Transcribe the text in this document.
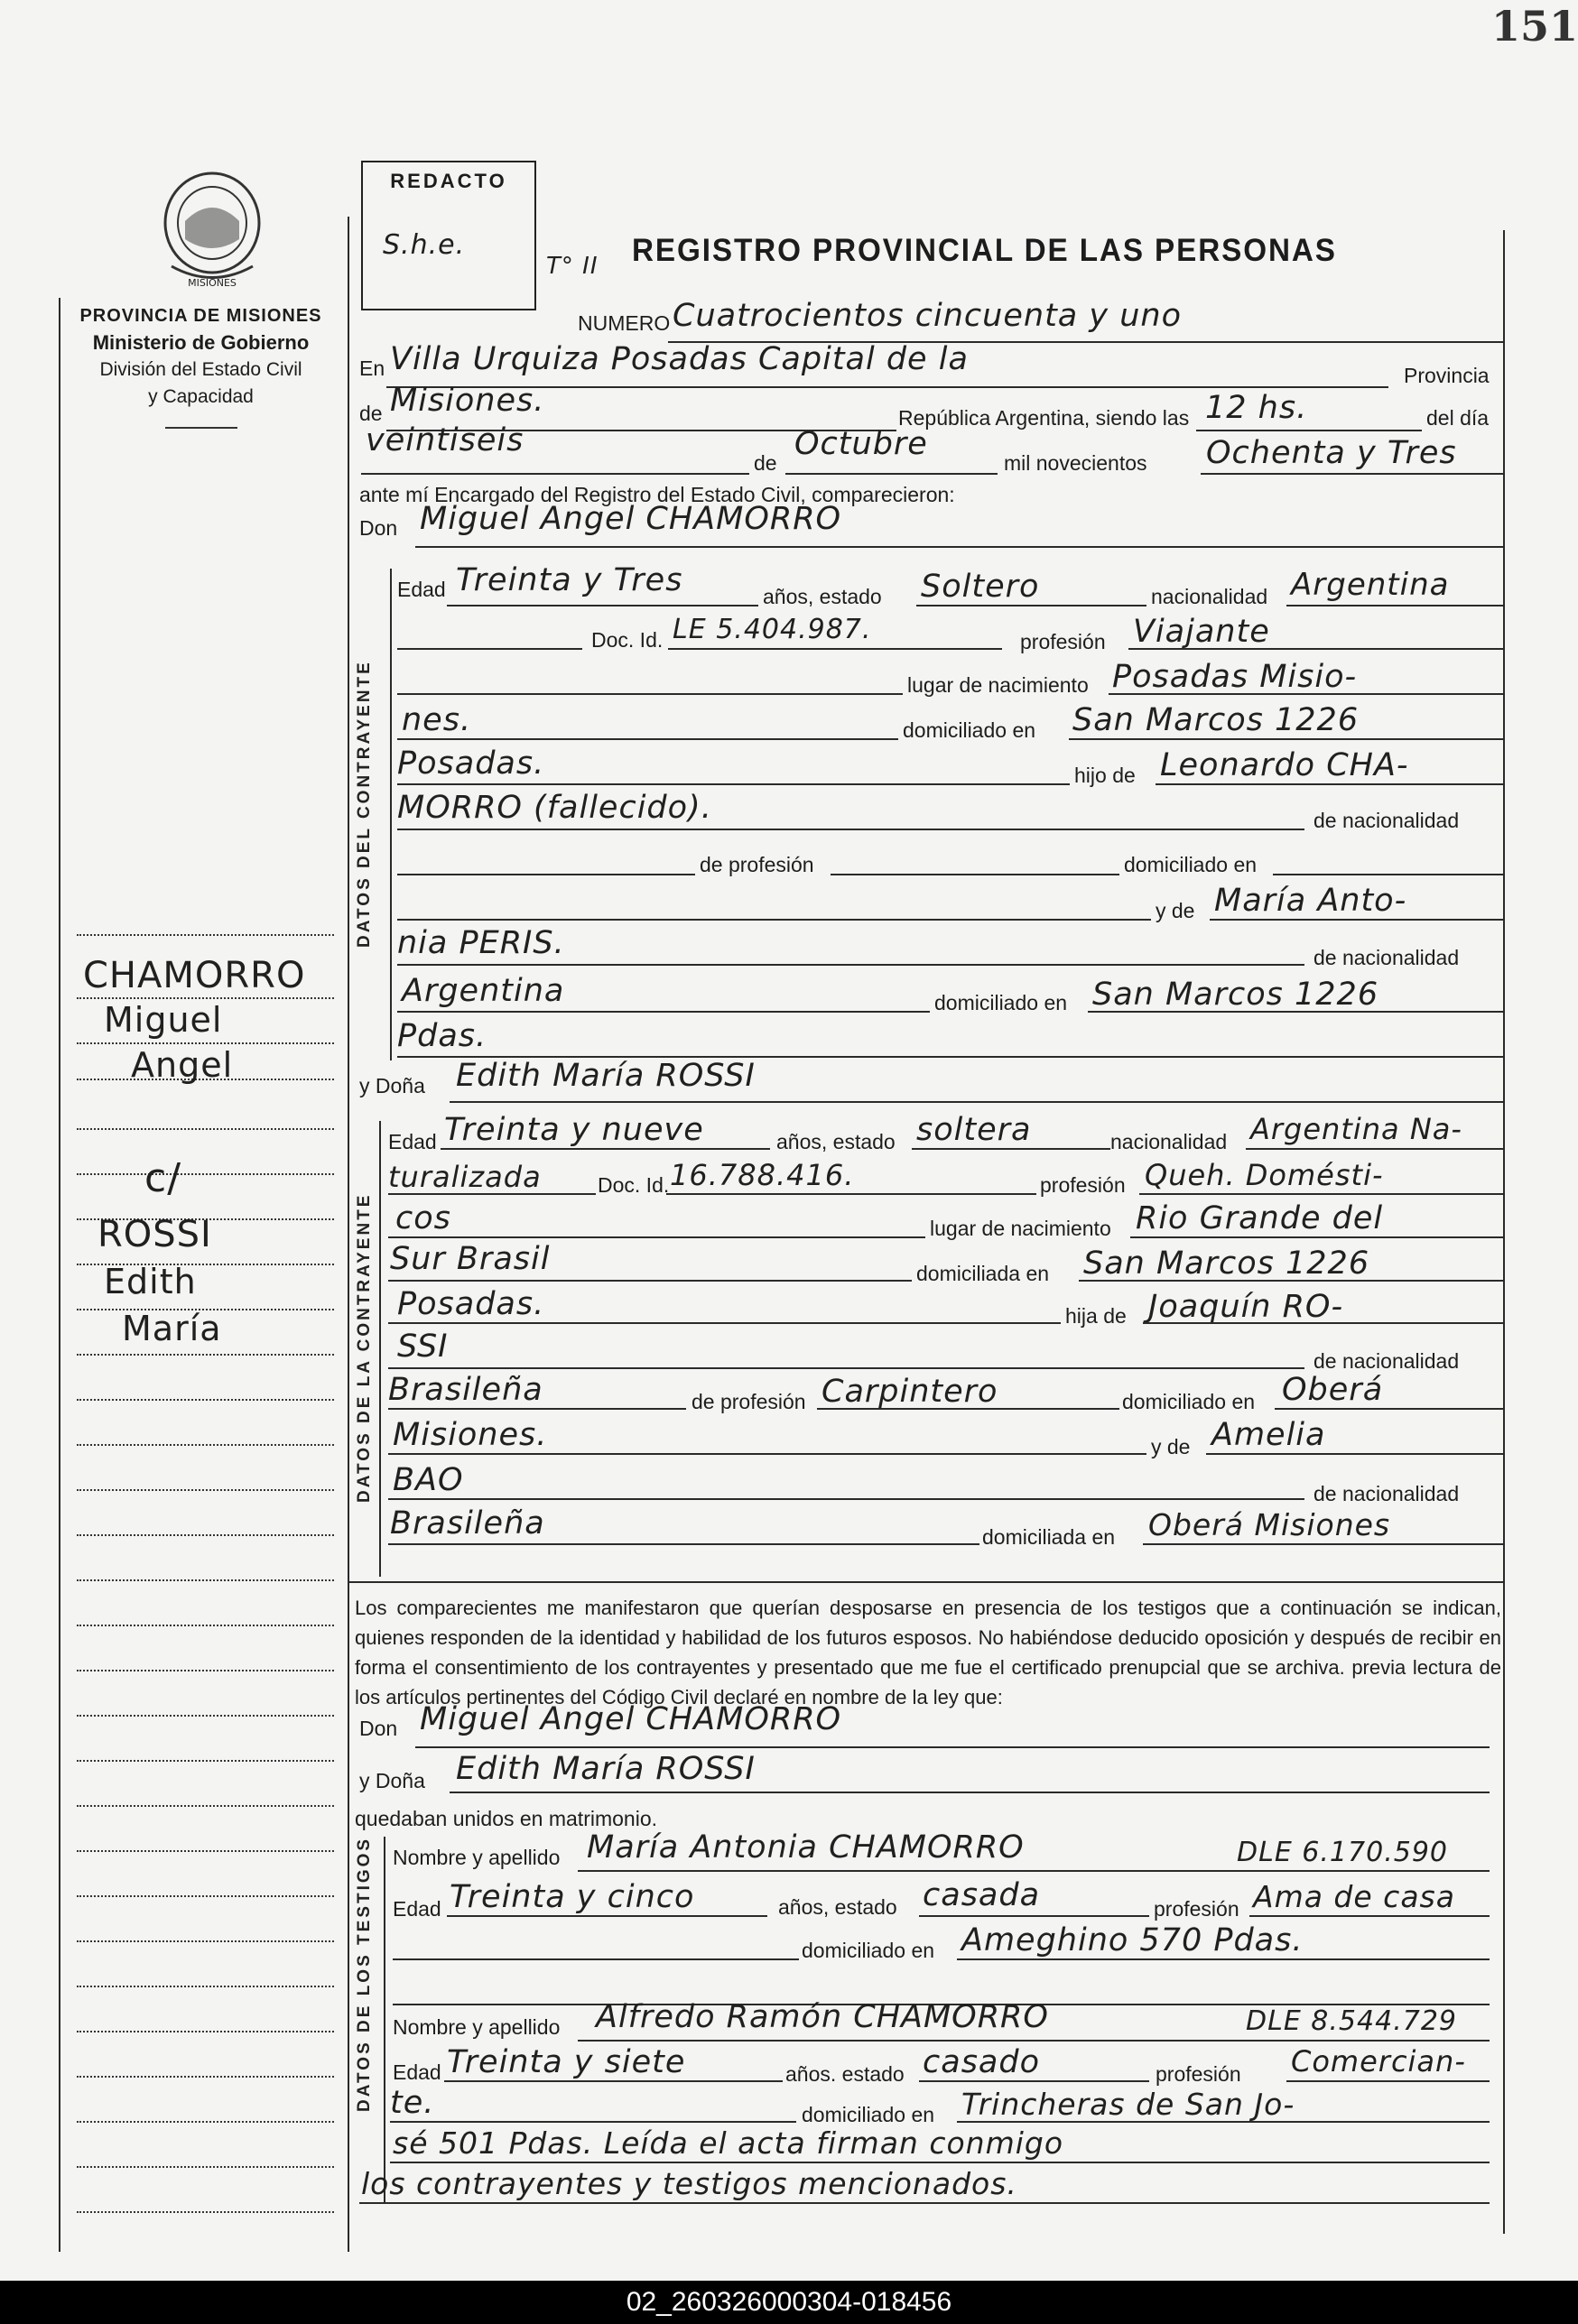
151
MISIONES
PROVINCIA DE MISIONES
Ministerio de Gobierno
División del Estado Civil
y Capacidad
CHAMORRO
Miguel
Angel
c/
ROSSI
Edith
María
REDACTO
S.h.e.
T° II REGISTRO PROVINCIAL DE LAS PERSONAS
NUMERO Cuatrocientos cincuenta y uno
En Villa Urquiza Posadas Capital de la	Provincia
de Misiones.	República Argentina, siendo las 12 hs.	del día
veintiseis
de
Octubre
mil novecientos Ochenta y Tres
ante mí Encargado del Registro del Estado Civil, comparecieron:
Don Miguel Angel CHAMORRO
DATOS DEL CONTRAYENTE
Edad Treinta y Tres	años, estado Soltero	nacionalidad Argentina
Doc. Id. LE 5.404.987.	profesión Viajante
lugar de nacimiento Posadas Misio-
nes.	domiciliado en San Marcos 1226
Posadas.	hijo de Leonardo CHA-
MORRO (fallecido).	de nacionalidad
de profesión	domiciliado en
y de María Anto-
nia PERIS.	de nacionalidad
Argentina	domiciliado en San Marcos 1226
Pdas.
y Doña Edith María ROSSI
DATOS DE LA CONTRAYENTE
Edad Treinta y nueve	años, estado soltera	nacionalidad Argentina Na-
turalizada	Doc. Id. 16.788.416.	profesión Queh. Domésti-
cos	lugar de nacimiento Rio Grande del
Sur Brasil	domiciliada en San Marcos 1226
Posadas.	hija de Joaquín RO-
SSI	de nacionalidad
Brasileña	de profesión Carpintero	domiciliado en Oberá
Misiones.	y de Amelia
BAO	de nacionalidad
Brasileña	domiciliada en Oberá Misiones
Los comparecientes me manifestaron que querían desposarse en presencia de los testigos que a continuación se indican, quienes responden de la identidad y habilidad de los futuros esposos. No habiéndose deducido oposición y después de recibir en forma el consentimiento de los contrayentes y presentado que me fue el certificado prenupcial que se archiva. previa lectura de los artículos pertinentes del Código Civil declaré en nombre de la ley que:
Don Miguel Angel CHAMORRO
y Doña Edith María ROSSI
quedaban unidos en matrimonio.
DATOS DE LOS TESTIGOS Nombre y apellido María Antonia CHAMORRO	DLE 6.170.590
Edad Treinta y cinco	años, estado casada	profesión Ama de casa
domiciliado en Ameghino 570 Pdas.
Nombre y apellido Alfredo Ramón CHAMORRO	DLE 8.544.729
Edad Treinta y siete	años. estado casado	profesión Comercian-
te.	domiciliado en Trincheras de San Jo-
sé 501 Pdas. Leída el acta firman conmigo
los contrayentes y testigos mencionados.
02_260326000304-018456
